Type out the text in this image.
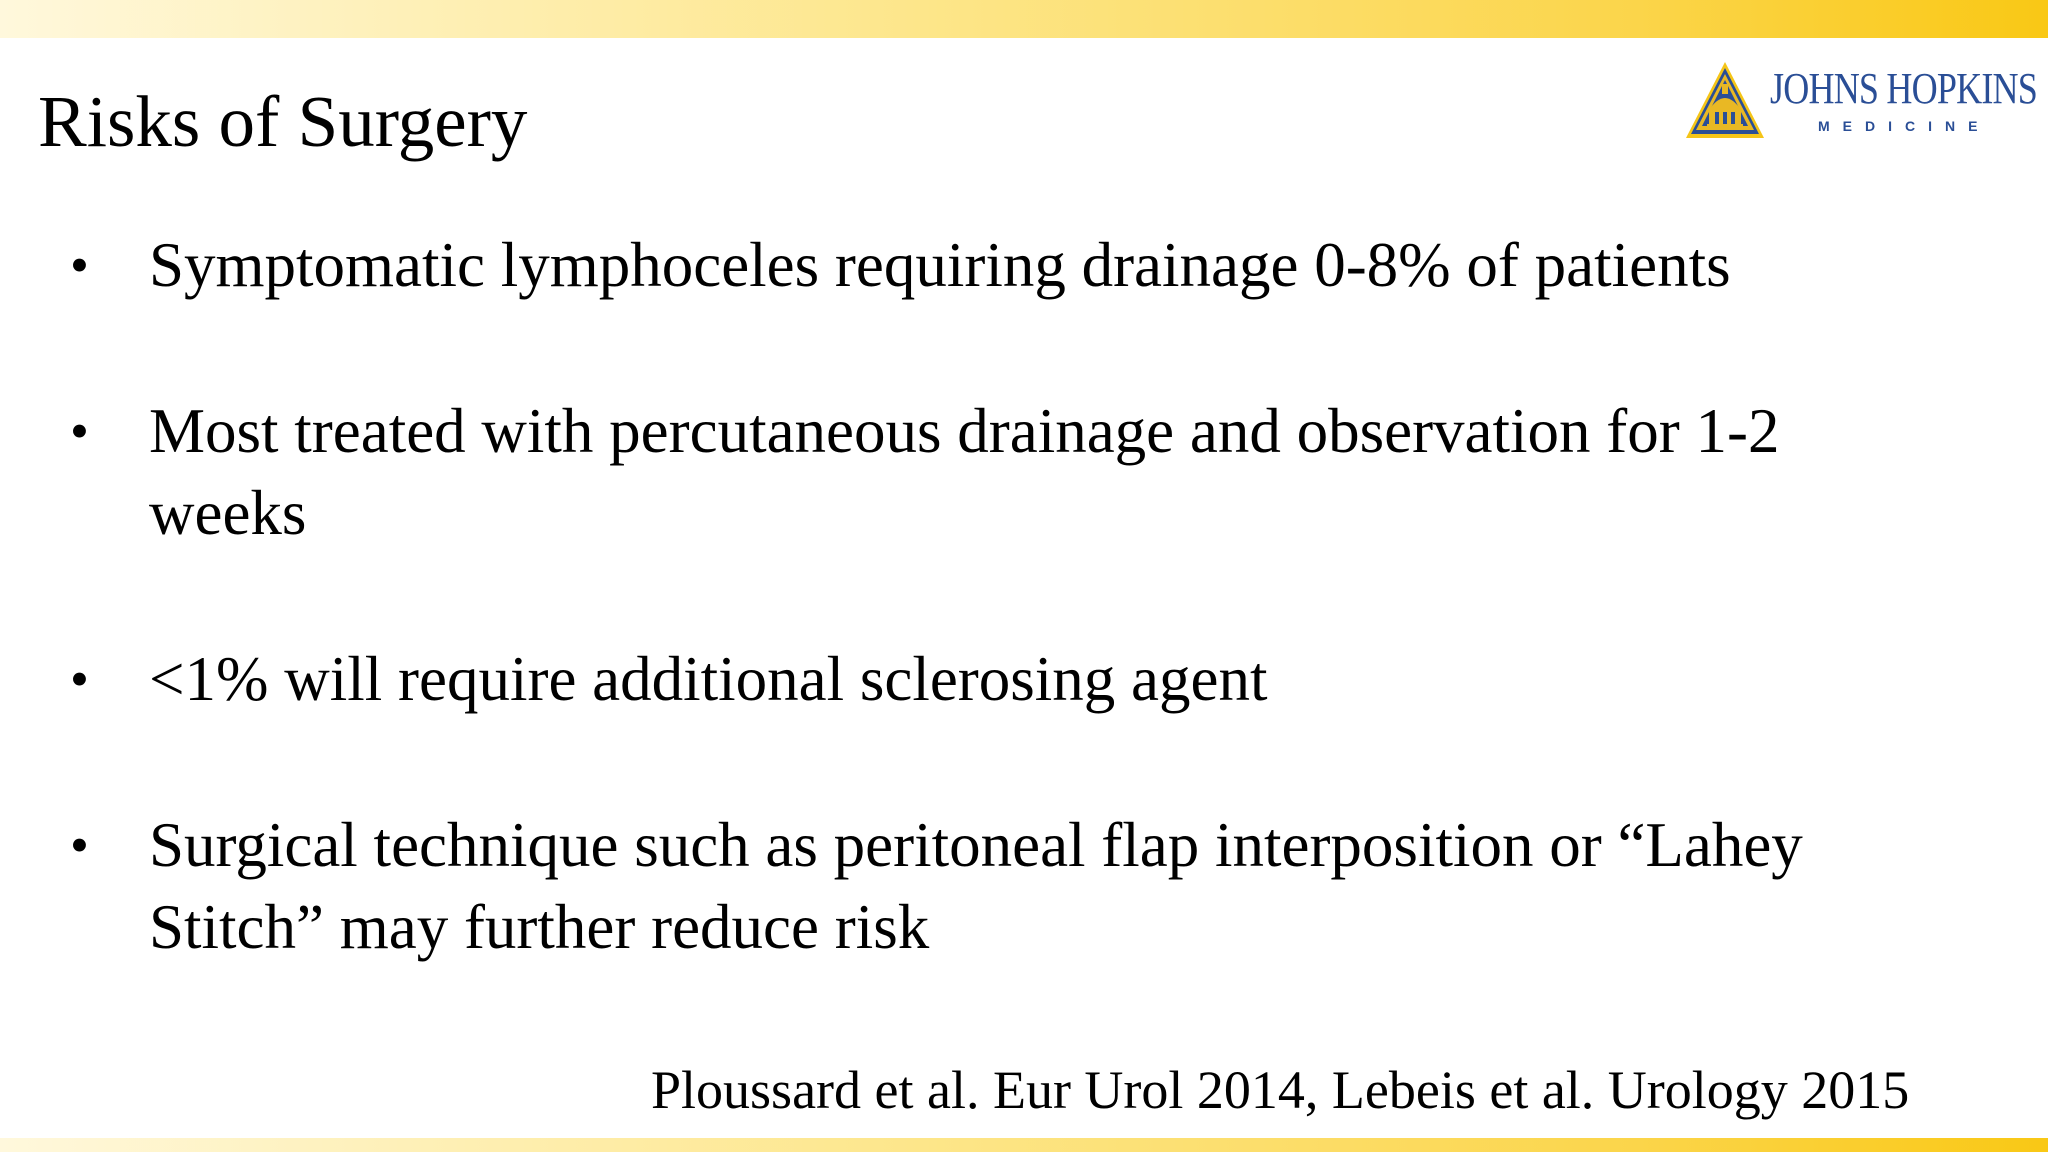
Risks of Surgery	JOHNS HOPKINS
MEDICINE
• Symptomatic lymphoceles requiring drainage 0-8% of patients
• Most treated with percutaneous drainage and observation for 1-2 weeks
• <1% will require additional sclerosing agent
• Surgical technique such as peritoneal flap interposition or “Lahey Stitch” may further reduce risk
Ploussard et al. Eur Urol 2014, Lebeis et al. Urology 2015
